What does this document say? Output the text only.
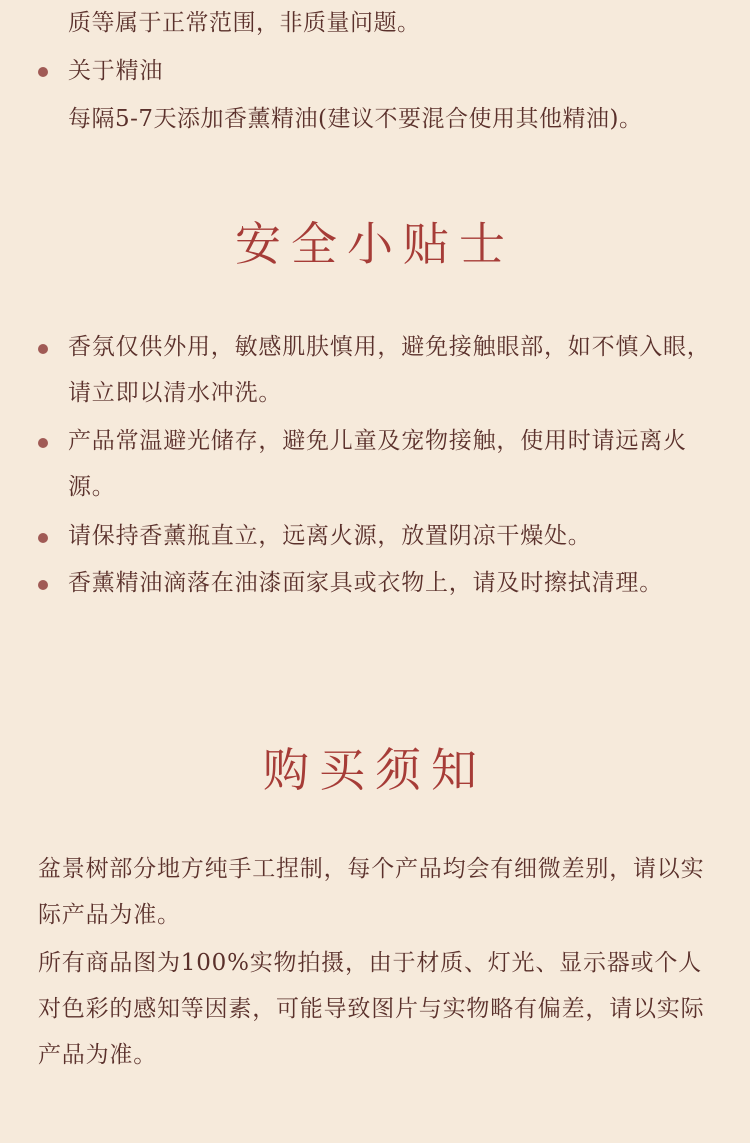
质等属于正常范围，非质量问题。
关于精油
每隔5-7天添加香薰精油(建议不要混合使用其他精油)。
安全小贴士
香氛仅供外用，敏感肌肤慎用，避免接触眼部，如不慎入眼，请立即以清水冲洗。
产品常温避光储存，避免儿童及宠物接触，使用时请远离火源。
请保持香薰瓶直立，远离火源，放置阴凉干燥处。
香薰精油滴落在油漆面家具或衣物上，请及时擦拭清理。
购买须知
盆景树部分地方纯手工捏制，每个产品均会有细微差别，请以实际产品为准。
所有商品图为100%实物拍摄，由于材质、灯光、显示器或个人对色彩的感知等因素，可能导致图片与实物略有偏差，请以实际产品为准。
